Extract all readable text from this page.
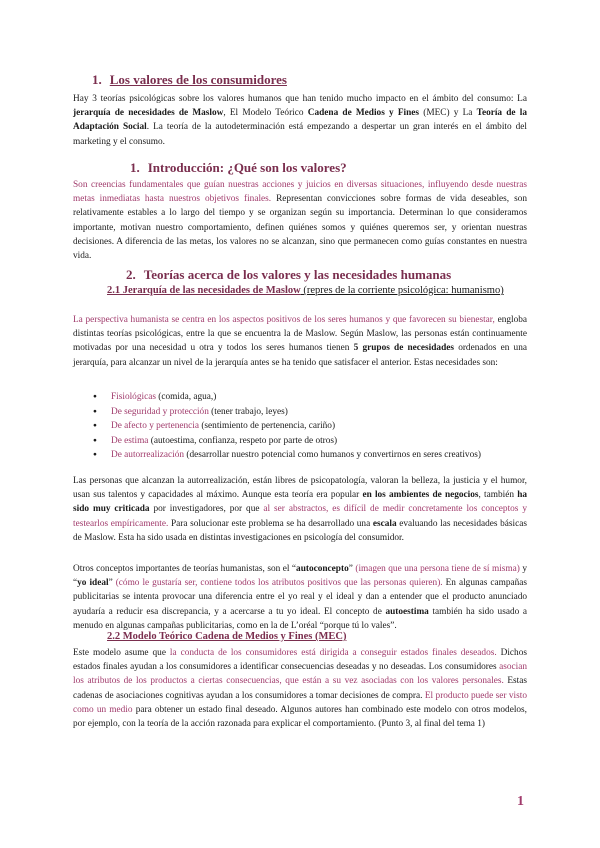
1. Los valores de los consumidores
Hay 3 teorías psicológicas sobre los valores humanos que han tenido mucho impacto en el ámbito del consumo: La jerarquía de necesidades de Maslow, El Modelo Teórico Cadena de Medios y Fines (MEC) y La Teoría de la Adaptación Social. La teoría de la autodeterminación está empezando a despertar un gran interés en el ámbito del marketing y el consumo.
1. Introducción: ¿Qué son los valores?
Son creencias fundamentales que guían nuestras acciones y juicios en diversas situaciones, influyendo desde nuestras metas inmediatas hasta nuestros objetivos finales. Representan convicciones sobre formas de vida deseables, son relativamente estables a lo largo del tiempo y se organizan según su importancia. Determinan lo que consideramos importante, motivan nuestro comportamiento, definen quiénes somos y quiénes queremos ser, y orientan nuestras decisiones. A diferencia de las metas, los valores no se alcanzan, sino que permanecen como guías constantes en nuestra vida.
2. Teorías acerca de los valores y las necesidades humanas
2.1 Jerarquía de las necesidades de Maslow (repres de la corriente psicológica: humanismo)
La perspectiva humanista se centra en los aspectos positivos de los seres humanos y que favorecen su bienestar, engloba distintas teorías psicológicas, entre la que se encuentra la de Maslow. Según Maslow, las personas están continuamente motivadas por una necesidad u otra y todos los seres humanos tienen 5 grupos de necesidades ordenados en una jerarquía, para alcanzar un nivel de la jerarquía antes se ha tenido que satisfacer el anterior. Estas necesidades son:
● Fisiológicas (comida, agua,)
● De seguridad y protección (tener trabajo, leyes)
● De afecto y pertenencia (sentimiento de pertenencia, cariño)
● De estima (autoestima, confianza, respeto por parte de otros)
● De autorrealización (desarrollar nuestro potencial como humanos y convertirnos en seres creativos)
Las personas que alcanzan la autorrealización, están libres de psicopatología, valoran la belleza, la justicia y el humor, usan sus talentos y capacidades al máximo. Aunque esta teoría era popular en los ambientes de negocios, también ha sido muy criticada por investigadores, por que al ser abstractos, es difícil de medir concretamente los conceptos y testearlos empíricamente. Para solucionar este problema se ha desarrollado una escala evaluando las necesidades básicas de Maslow. Esta ha sido usada en distintas investigaciones en psicología del consumidor.
Otros conceptos importantes de teorías humanistas, son el “autoconcepto” (imagen que una persona tiene de sí misma) y “yo ideal” (cómo le gustaría ser, contiene todos los atributos positivos que las personas quieren). En algunas campañas publicitarias se intenta provocar una diferencia entre el yo real y el ideal y dan a entender que el producto anunciado ayudaría a reducir esa discrepancia, y a acercarse a tu yo ideal. El concepto de autoestima también ha sido usado a menudo en algunas campañas publicitarias, como en la de L’oréal “porque tú lo vales”.
2.2 Modelo Teórico Cadena de Medios y Fines (MEC)
Este modelo asume que la conducta de los consumidores está dirigida a conseguir estados finales deseados. Dichos estados finales ayudan a los consumidores a identificar consecuencias deseadas y no deseadas. Los consumidores asocian los atributos de los productos a ciertas consecuencias, que están a su vez asociadas con los valores personales. Estas cadenas de asociaciones cognitivas ayudan a los consumidores a tomar decisiones de compra. El producto puede ser visto como un medio para obtener un estado final deseado. Algunos autores han combinado este modelo con otros modelos, por ejemplo, con la teoría de la acción razonada para explicar el comportamiento. (Punto 3, al final del tema 1)
1
